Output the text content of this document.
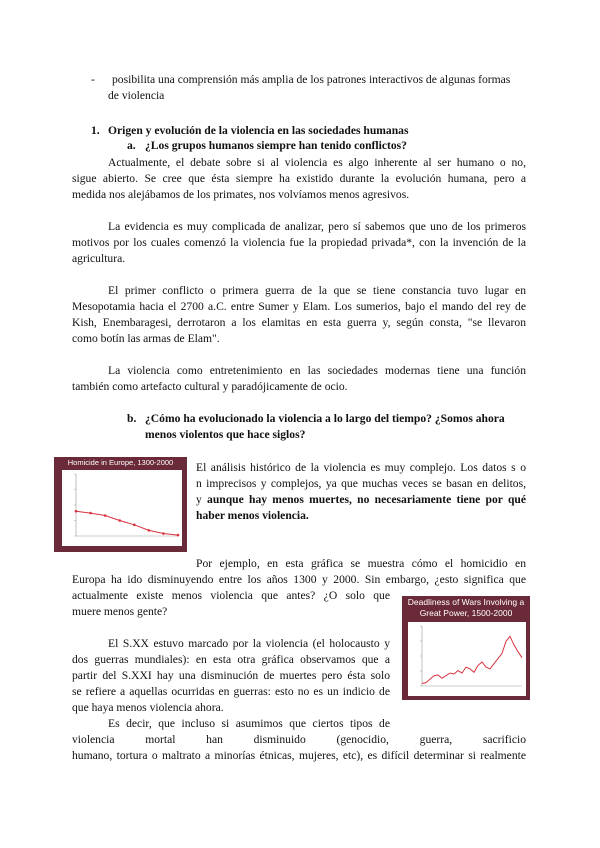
- posibilita una comprensión más amplia de los patrones interactivos de algunas formas
de violencia
1. Origen y evolución de la violencia en las sociedades humanas
a. ¿Los grupos humanos siempre han tenido conflictos?
Actualmente, el debate sobre si al violencia es algo inherente al ser humano o no,
sigue abierto. Se cree que ésta siempre ha existido durante la evolución humana, pero a
medida nos alejábamos de los primates, nos volvíamos menos agresivos.
La evidencia es muy complicada de analizar, pero sí sabemos que uno de los primeros
motivos por los cuales comenzó la violencia fue la propiedad privada*, con la invención de la
agricultura.
El primer conflicto o primera guerra de la que se tiene constancia tuvo lugar en
Mesopotamia hacia el 2700 a.C. entre Sumer y Elam. Los sumerios, bajo el mando del rey de
Kish, Enembaragesi, derrotaron a los elamitas en esta guerra y, según consta, "se llevaron
como botín las armas de Elam".
La violencia como entretenimiento en las sociedades modernas tiene una función
también como artefacto cultural y paradójicamente de ocio.
b. ¿Cómo ha evolucionado la violencia a lo largo del tiempo? ¿Somos ahora
menos violentos que hace siglos?
Homicide in Europe, 1300-2000	El análisis histórico de la violencia es muy complejo. Los datos s o
n imprecisos y complejos, ya que muchas veces se basan en delitos,
y aunque hay menos muertes, no necesariamente tiene por qué
haber menos violencia.
Por ejemplo, en esta gráfica se muestra cómo el homicidio en
Europa ha ido disminuyendo entre los años 1300 y 2000. Sin embargo, ¿esto significa que
actualmente existe menos violencia que antes? ¿O solo que
muere menos gente?
Deadliness of Wars Involving a Great Power, 1500-2000
El S.XX estuvo marcado por la violencia (el holocausto y
dos guerras mundiales): en esta otra gráfica observamos que a
partir del S.XXI hay una disminución de muertes pero ésta solo
se refiere a aquellas ocurridas en guerras: esto no es un indicio de
que haya menos violencia ahora.
Es decir, que incluso si asumimos que ciertos tipos de
violencia mortal han disminuido (genocidio, guerra, sacrificio
humano, tortura o maltrato a minorías étnicas, mujeres, etc), es difícil determinar si realmente
